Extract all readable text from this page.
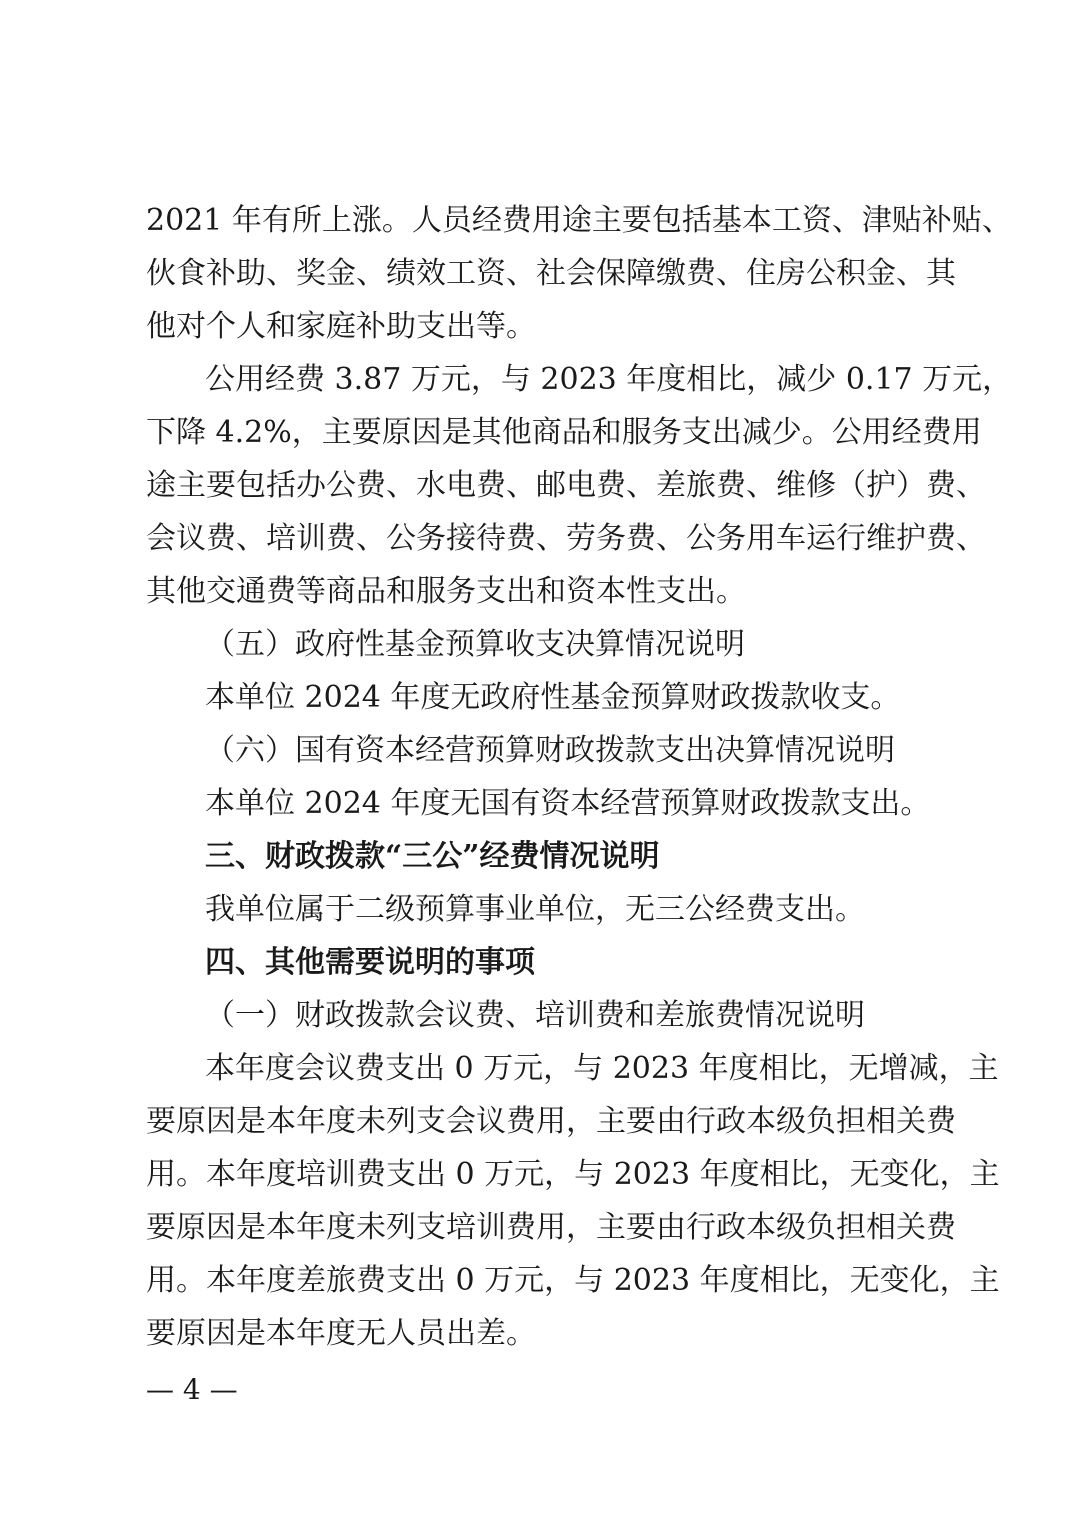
2021 年有所上涨。人员经费用途主要包括基本工资、津贴补贴、
伙食补助、奖金、绩效工资、社会保障缴费、住房公积金、其
他对个人和家庭补助支出等。
公用经费 3.87 万元，与 2023 年度相比，减少 0.17 万元，
下降 4.2%，主要原因是其他商品和服务支出减少。公用经费用
途主要包括办公费、水电费、邮电费、差旅费、维修（护）费、
会议费、培训费、公务接待费、劳务费、公务用车运行维护费、
其他交通费等商品和服务支出和资本性支出。
（五）政府性基金预算收支决算情况说明
本单位 2024 年度无政府性基金预算财政拨款收支。
（六）国有资本经营预算财政拨款支出决算情况说明
本单位 2024 年度无国有资本经营预算财政拨款支出。
三、财政拨款“三公”经费情况说明
我单位属于二级预算事业单位，无三公经费支出。
四、其他需要说明的事项
（一）财政拨款会议费、培训费和差旅费情况说明
本年度会议费支出 0 万元，与 2023 年度相比，无增减，主
要原因是本年度未列支会议费用，主要由行政本级负担相关费
用。本年度培训费支出 0 万元，与 2023 年度相比，无变化，主
要原因是本年度未列支培训费用，主要由行政本级负担相关费
用。本年度差旅费支出 0 万元，与 2023 年度相比，无变化，主
要原因是本年度无人员出差。
— 4 —
